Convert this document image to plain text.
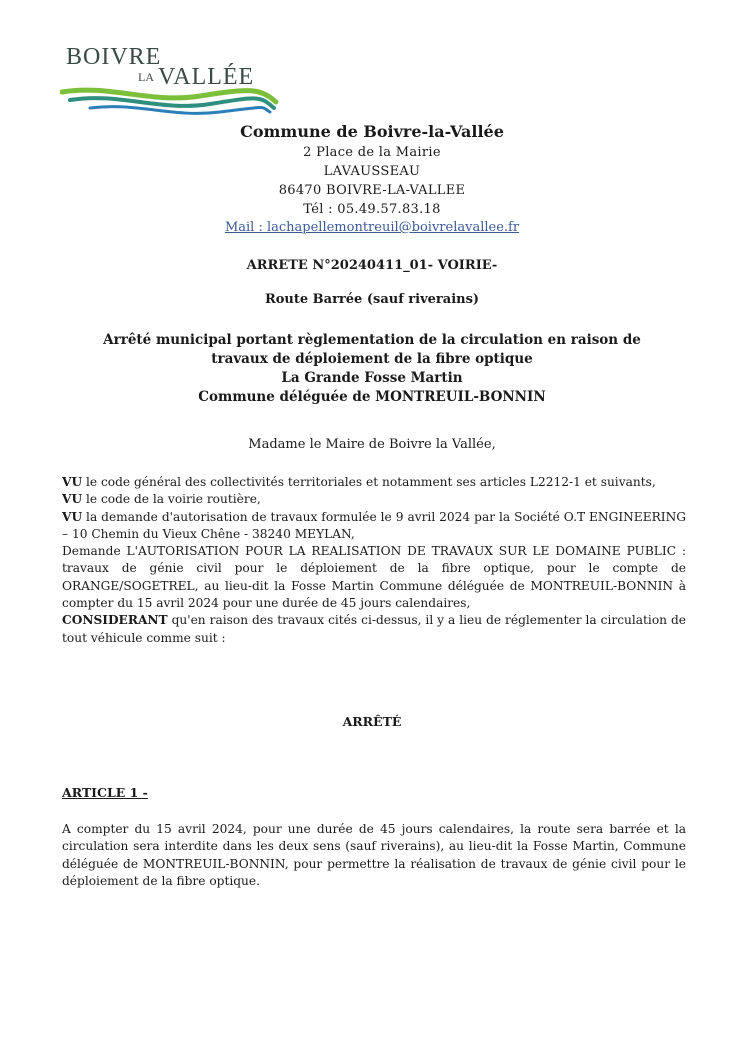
BOIVRE
LA VALLÉE
Commune de Boivre-la-Vallée
2 Place de la Mairie
LAVAUSSEAU
86470 BOIVRE-LA-VALLEE
Tél : 05.49.57.83.18
Mail : lachapellemontreuil@boivrelavallee.fr
ARRETE N°20240411_01- VOIRIE-
Route Barrée (sauf riverains)
Arrêté municipal portant règlementation de la circulation en raison de
travaux de déploiement de la fibre optique
La Grande Fosse Martin
Commune déléguée de MONTREUIL-BONNIN
Madame le Maire de Boivre la Vallée,

VU le code général des collectivités territoriales et notamment ses articles L2212-1 et suivants,

VU le code de la voirie routière,

VU la demande d'autorisation de travaux formulée le 9 avril 2024 par la Société O.T ENGINEERING – 10 Chemin du Vieux Chêne - 38240 MEYLAN,

Demande L'AUTORISATION POUR LA REALISATION DE TRAVAUX SUR LE DOMAINE PUBLIC : travaux de génie civil pour le déploiement de la fibre optique, pour le compte de ORANGE/SOGETREL, au lieu-dit la Fosse Martin Commune déléguée de MONTREUIL-BONNIN à compter du 15 avril 2024 pour une durée de 45 jours calendaires,

CONSIDERANT qu'en raison des travaux cités ci-dessus, il y a lieu de réglementer la circulation de tout véhicule comme suit :

ARRÊTÉ
ARTICLE 1 -
A compter du 15 avril 2024, pour une durée de 45 jours calendaires, la route sera barrée et la circulation sera interdite dans les deux sens (sauf riverains), au lieu-dit la Fosse Martin, Commune déléguée de MONTREUIL-BONNIN, pour permettre la réalisation de travaux de génie civil pour le déploiement de la fibre optique.
